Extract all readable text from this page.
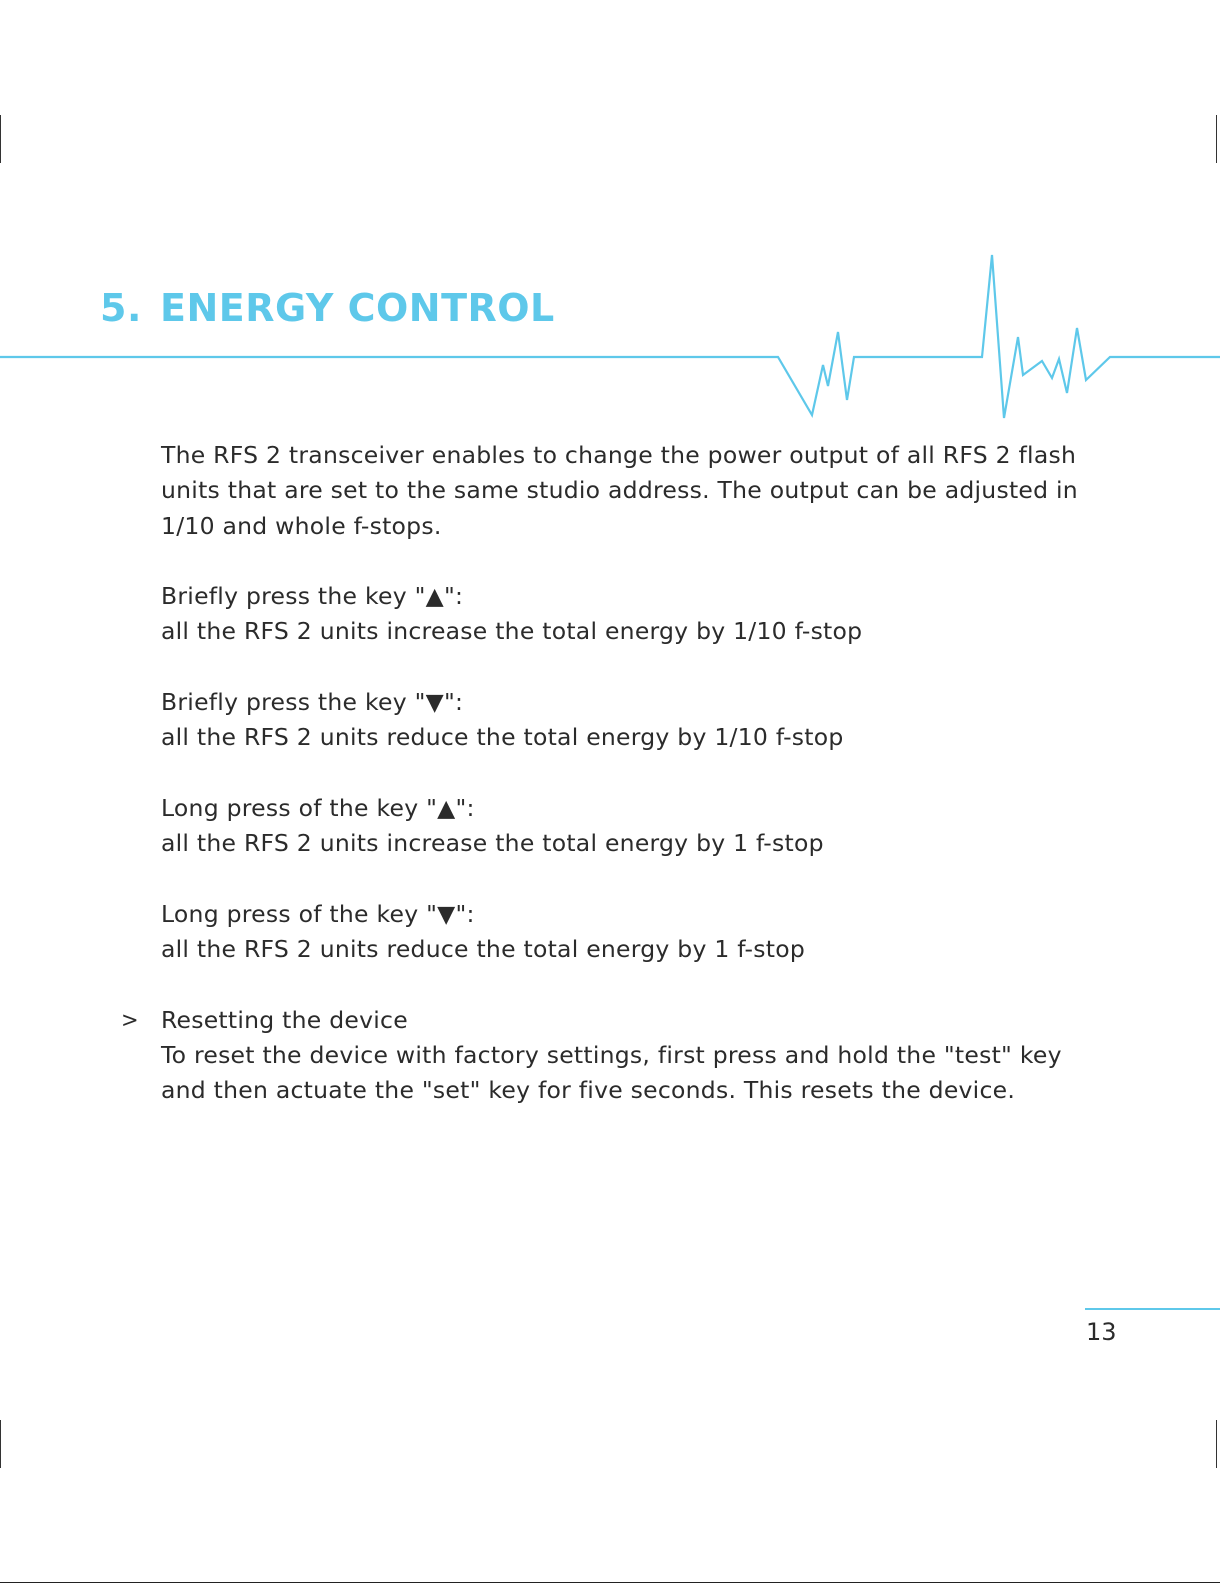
5. ENERGY CONTROL

The RFS 2 transceiver enables to change the power output of all RFS 2 flash

units that are set to the same studio address. The output can be adjusted in

1/10 and whole f-stops.

Briefly press the key "▲":

all the RFS 2 units increase the total energy by 1/10 f-stop

Briefly press the key "▼":

all the RFS 2 units reduce the total energy by 1/10 f-stop

Long press of the key "▲":

all the RFS 2 units increase the total energy by 1 f-stop

Long press of the key "▼":

all the RFS 2 units reduce the total energy by 1 f-stop

> Resetting the device

To reset the device with factory settings, first press and hold the "test" key

and then actuate the "set" key for five seconds. This resets the device.

13
